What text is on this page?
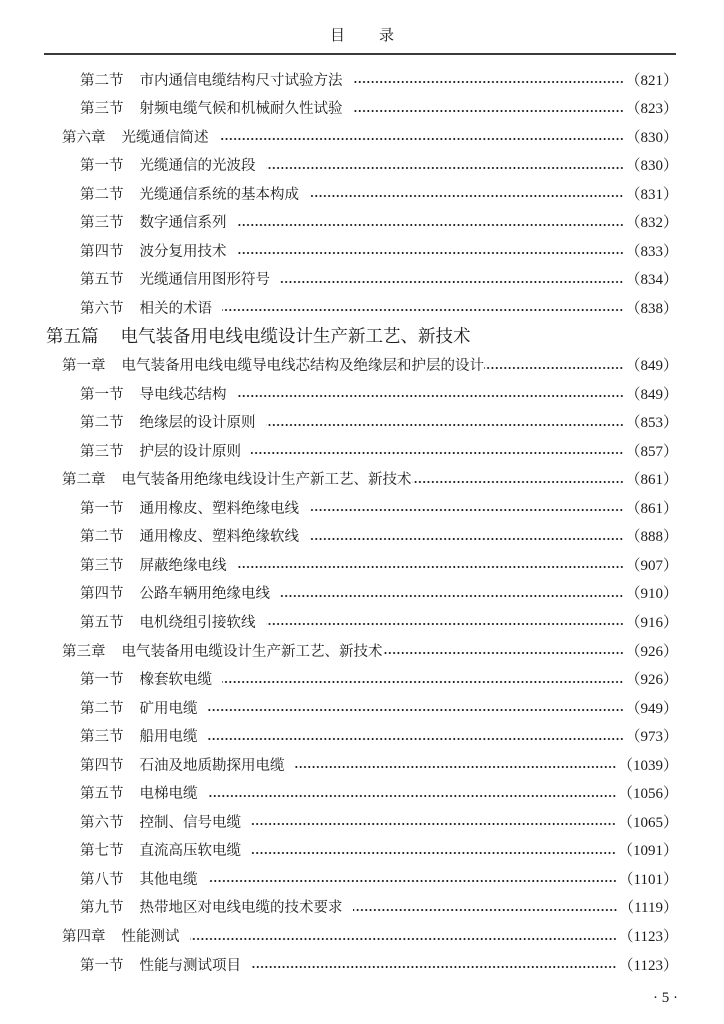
目 录
第二节 市内通信电缆结构尺寸试验方法	（821）
第三节 射频电缆气候和机械耐久性试验	（823）
第六章 光缆通信简述	（830）
第一节 光缆通信的光波段	（830）
第二节 光缆通信系统的基本构成	（831）
第三节 数字通信系列	（832）
第四节 波分复用技术	（833）
第五节 光缆通信用图形符号	（834）
第六节 相关的术语	（838）
第五篇 电气装备用电线电缆设计生产新工艺、新技术
第一章 电气装备用电线电缆导电线芯结构及绝缘层和护层的设计	（849）
第一节 导电线芯结构	（849）
第二节 绝缘层的设计原则	（853）
第三节 护层的设计原则	（857）
第二章 电气装备用绝缘电线设计生产新工艺、新技术	（861）
第一节 通用橡皮、塑料绝缘电线	（861）
第二节 通用橡皮、塑料绝缘软线	（888）
第三节 屏蔽绝缘电线	（907）
第四节 公路车辆用绝缘电线	（910）
第五节 电机绕组引接软线	（916）
第三章 电气装备用电缆设计生产新工艺、新技术	（926）
第一节 橡套软电缆	（926）
第二节 矿用电缆	（949）
第三节 船用电缆	（973）
第四节 石油及地质勘探用电缆	（1039）
第五节 电梯电缆	（1056）
第六节 控制、信号电缆	（1065）
第七节 直流高压软电缆	（1091）
第八节 其他电缆	（1101）
第九节 热带地区对电线电缆的技术要求	（1119）
第四章 性能测试	（1123）
第一节 性能与测试项目	（1123）
· 5 ·
